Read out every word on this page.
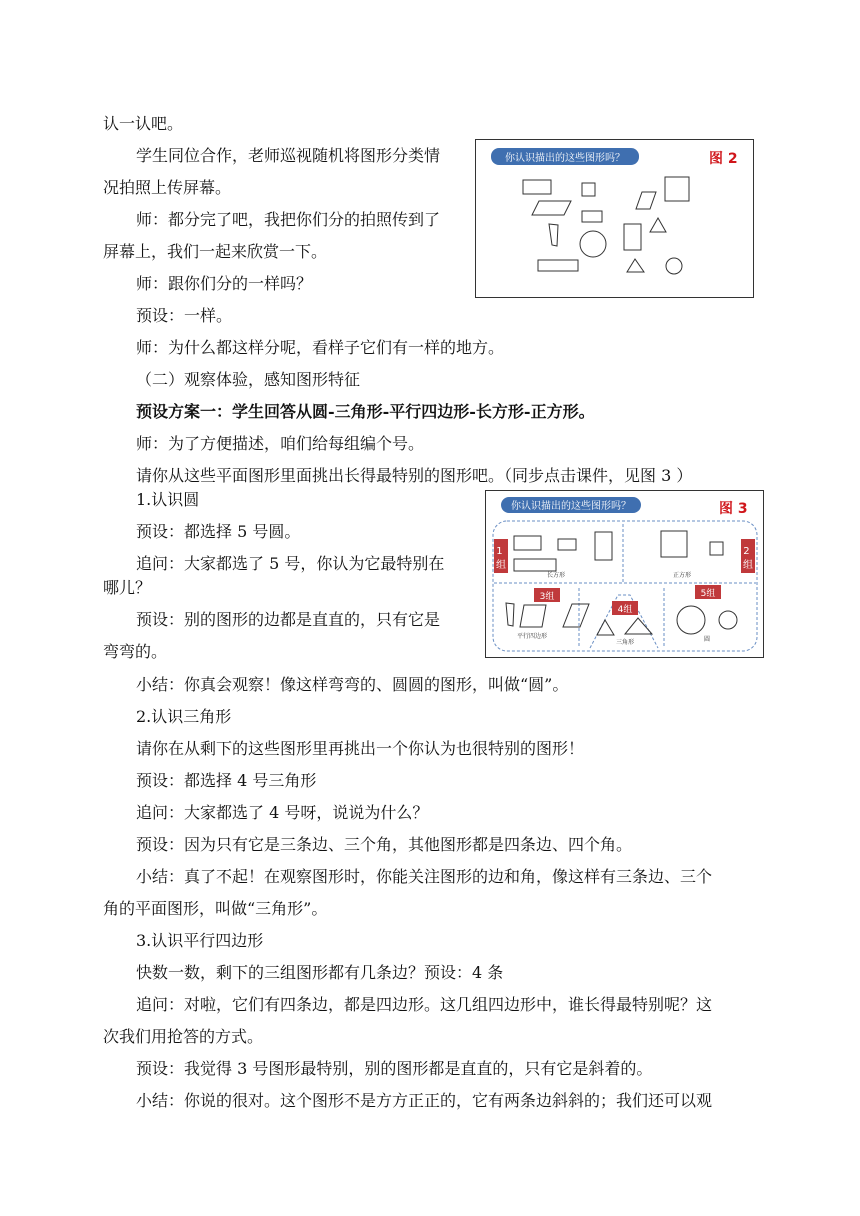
认一认吧。
学生同位合作，老师巡视随机将图形分类情
况拍照上传屏幕。
师：都分完了吧，我把你们分的拍照传到了
屏幕上，我们一起来欣赏一下。
师：跟你们分的一样吗？
预设：一样。
师：为什么都这样分呢，看样子它们有一样的地方。
（二）观察体验，感知图形特征
预设方案一：学生回答从圆-三角形-平行四边形-长方形-正方形。
师：为了方便描述，咱们给每组编个号。
请你从这些平面图形里面挑出长得最特别的图形吧。（同步点击课件，见图 3 ）
1.认识圆
预设：都选择 5 号圆。
追问：大家都选了 5 号，你认为它最特别在
哪儿？
预设：别的图形的边都是直直的，只有它是
弯弯的。
小结：你真会观察！像这样弯弯的、圆圆的图形，叫做“圆”。
2.认识三角形
请你在从剩下的这些图形里再挑出一个你认为也很特别的图形！
预设：都选择 4 号三角形
追问：大家都选了 4 号呀，说说为什么？
预设：因为只有它是三条边、三个角，其他图形都是四条边、四个角。
小结：真了不起！在观察图形时，你能关注图形的边和角，像这样有三条边、三个
角的平面图形，叫做“三角形”。
3.认识平行四边形
快数一数，剩下的三组图形都有几条边？预设：4 条
追问：对啦，它们有四条边，都是四边形。这几组四边形中，谁长得最特别呢？这
次我们用抢答的方式。
预设：我觉得 3 号图形最特别，别的图形都是直直的，只有它是斜着的。
小结：你说的很对。这个图形不是方方正正的，它有两条边斜斜的；我们还可以观
你认识描出的这些图形吗？	图 2
你认识描出的这些图形吗？	图 3
1 组
2 组
3组
4组
5组
长方形	正方形
平行四边形
三角形	圆
